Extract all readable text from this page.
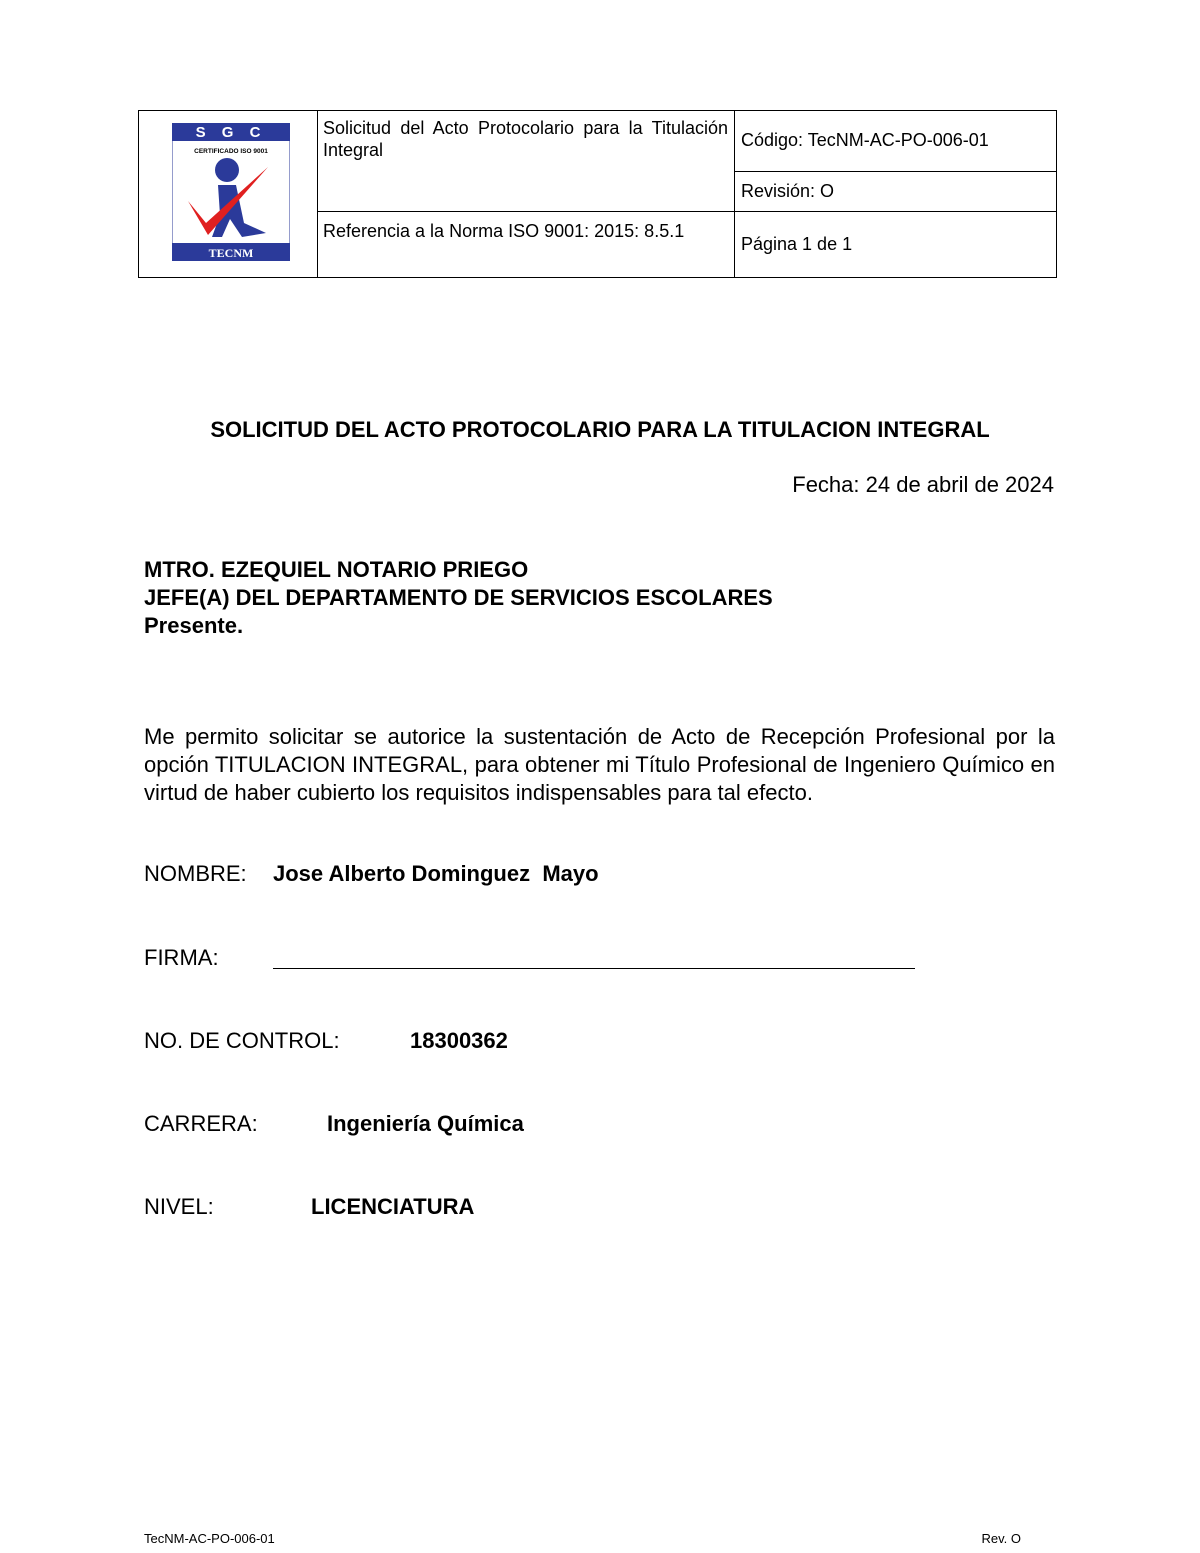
S G C
CERTIFICADO ISO 9001
TECNM	Solicitud del Acto Protocolario para la Titulación Integral	Código: TecNM-AC-PO-006-01
		Revisión: O
	Referencia a la Norma ISO 9001: 2015: 8.5.1	Página 1 de 1
SOLICITUD DEL ACTO PROTOCOLARIO PARA LA TITULACION INTEGRAL
Fecha: 24 de abril de 2024
MTRO. EZEQUIEL NOTARIO PRIEGO
JEFE(A) DEL DEPARTAMENTO DE SERVICIOS ESCOLARES
Presente.
Me permito solicitar se autorice la sustentación de Acto de Recepción Profesional por la opción TITULACION INTEGRAL, para obtener mi Título Profesional de Ingeniero Químico en virtud de haber cubierto los requisitos indispensables para tal efecto.
NOMBRE: Jose Alberto Dominguez  Mayo
FIRMA:
NO. DE CONTROL:	18300362
CARRERA:	Ingeniería Química
NIVEL:	LICENCIATURA
TecNM-AC-PO-006-01	Rev. O
